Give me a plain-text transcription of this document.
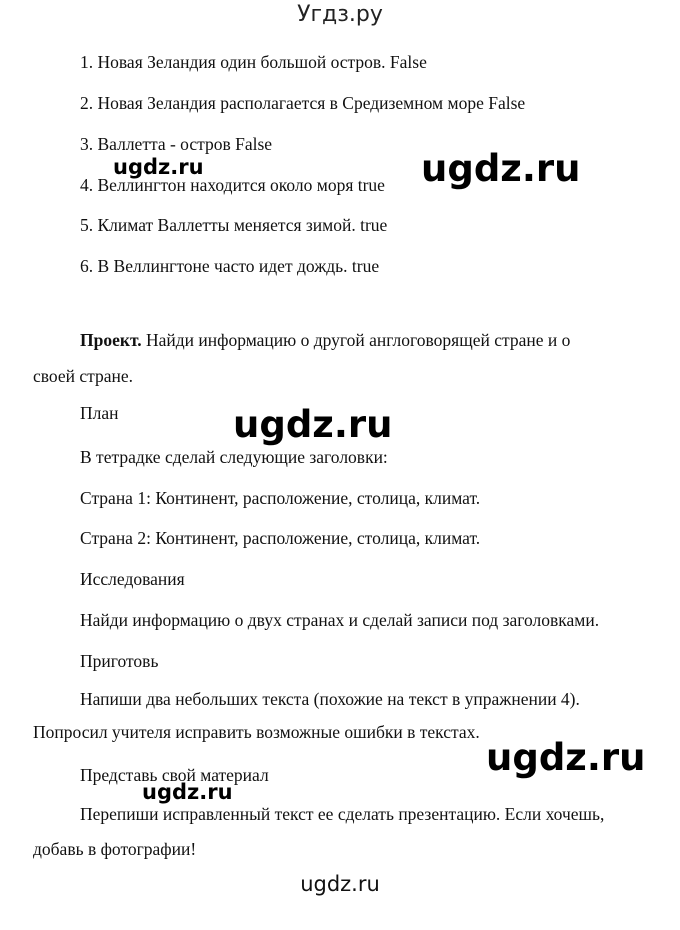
Угдз.ру
1. Новая Зеландия один большой остров. False
2. Новая Зеландия располагается в Средиземном море False
3. Валлетта - остров False
4. Веллингтон находится около моря true
5. Климат Валлетты меняется зимой. true
6. В Веллингтоне часто идет дождь. true
Проект. Найди информацию о другой англоговорящей стране и о
своей стране.
План
В тетрадке сделай следующие заголовки:
Страна 1: Континент, расположение, столица, климат.
Страна 2: Континент, расположение, столица, климат.
Исследования
Найди информацию о двух странах и сделай записи под заголовками.
Приготовь
Напиши два небольших текста (похожие на текст в упражнении 4).
Попросил учителя исправить возможные ошибки в текстах.
Представь свой материал
Перепиши исправленный текст ее сделать презентацию. Если хочешь,
добавь в фотографии!
ugdz.ru	ugdz.ru
ugdz.ru
ugdz.ru
ugdz.ru
ugdz.ru
